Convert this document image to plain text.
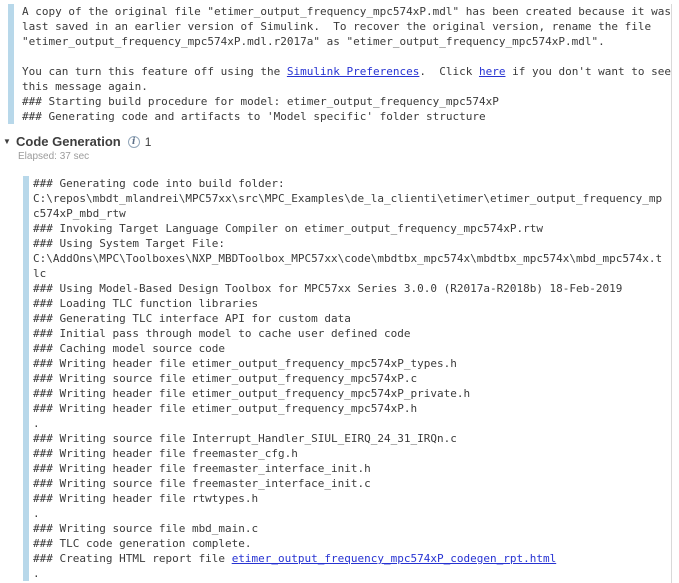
A copy of the original file "etimer_output_frequency_mpc574xP.mdl" has been created because it was
last saved in an earlier version of Simulink.  To recover the original version, rename the file
"etimer_output_frequency_mpc574xP.mdl.r2017a" as "etimer_output_frequency_mpc574xP.mdl".

You can turn this feature off using the Simulink Preferences.  Click here if you don't want to see
this message again.
### Starting build procedure for model: etimer_output_frequency_mpc574xP
### Generating code and artifacts to 'Model specific' folder structure
▼ Code Generation	i 1
Elapsed: 37 sec
### Generating code into build folder:
C:\repos\mbdt_mlandrei\MPC57xx\src\MPC_Examples\de_la_clienti\etimer\etimer_output_frequency_mp
c574xP_mbd_rtw
### Invoking Target Language Compiler on etimer_output_frequency_mpc574xP.rtw
### Using System Target File:
C:\AddOns\MPC\Toolboxes\NXP_MBDToolbox_MPC57xx\code\mbdtbx_mpc574x\mbdtbx_mpc574x\mbd_mpc574x.t
lc
### Using Model-Based Design Toolbox for MPC57xx Series 3.0.0 (R2017a-R2018b) 18-Feb-2019
### Loading TLC function libraries
### Generating TLC interface API for custom data
### Initial pass through model to cache user defined code
### Caching model source code
### Writing header file etimer_output_frequency_mpc574xP_types.h
### Writing source file etimer_output_frequency_mpc574xP.c
### Writing header file etimer_output_frequency_mpc574xP_private.h
### Writing header file etimer_output_frequency_mpc574xP.h
.
### Writing source file Interrupt_Handler_SIUL_EIRQ_24_31_IRQn.c
### Writing header file freemaster_cfg.h
### Writing header file freemaster_interface_init.h
### Writing source file freemaster_interface_init.c
### Writing header file rtwtypes.h
.
### Writing source file mbd_main.c
### TLC code generation complete.
### Creating HTML report file etimer_output_frequency_mpc574xP_codegen_rpt.html
.
